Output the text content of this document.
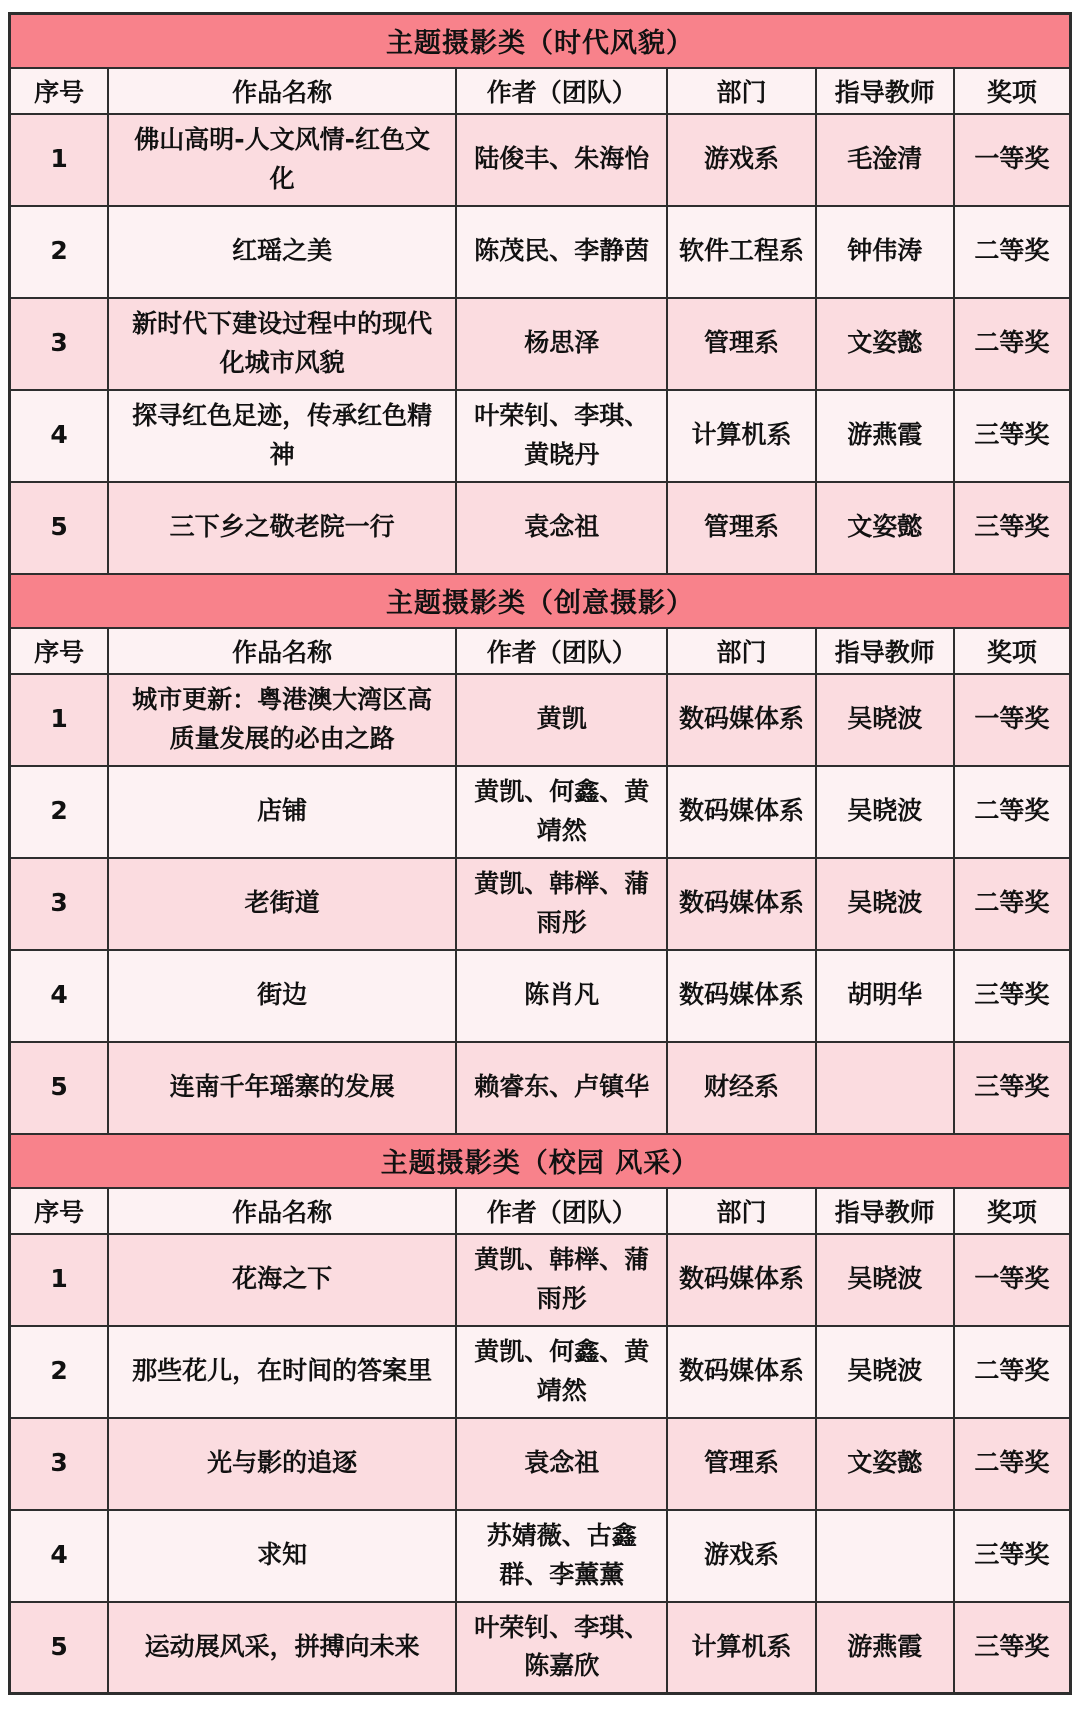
主题摄影类（时代风貌）					
序号	作品名称	作者（团队）	部门	指导教师	奖项
1	佛山高明-人文风情-红色文化	陆俊丰、朱海怡	游戏系	毛淦清	一等奖
2	红瑶之美	陈茂民、李静茵	软件工程系	钟伟涛	二等奖
3	新时代下建设过程中的现代化城市风貌	杨思泽	管理系	文姿懿	二等奖
4	探寻红色足迹，传承红色精神	叶荣钊、李琪、黄晓丹	计算机系	游燕霞	三等奖
5	三下乡之敬老院一行	袁念祖	管理系	文姿懿	三等奖
主题摄影类（创意摄影）					
序号	作品名称	作者（团队）	部门	指导教师	奖项
1	城市更新：粤港澳大湾区高质量发展的必由之路	黄凯	数码媒体系	吴晓波	一等奖
2	店铺	黄凯、何鑫、黄靖然	数码媒体系	吴晓波	二等奖
3	老街道	黄凯、韩榉、蒲雨彤	数码媒体系	吴晓波	二等奖
4	街边	陈肖凡	数码媒体系	胡明华	三等奖
5	连南千年瑶寨的发展	赖睿东、卢镇华	财经系		三等奖
主题摄影类（校园 风采）					
序号	作品名称	作者（团队）	部门	指导教师	奖项
1	花海之下	黄凯、韩榉、蒲雨彤	数码媒体系	吴晓波	一等奖
2	那些花儿，在时间的答案里	黄凯、何鑫、黄靖然	数码媒体系	吴晓波	二等奖
3	光与影的追逐	袁念祖	管理系	文姿懿	二等奖
4	求知	苏婧薇、古鑫群、李薰薰	游戏系		三等奖
5	运动展风采，拼搏向未来	叶荣钊、李琪、陈嘉欣	计算机系	游燕霞	三等奖
